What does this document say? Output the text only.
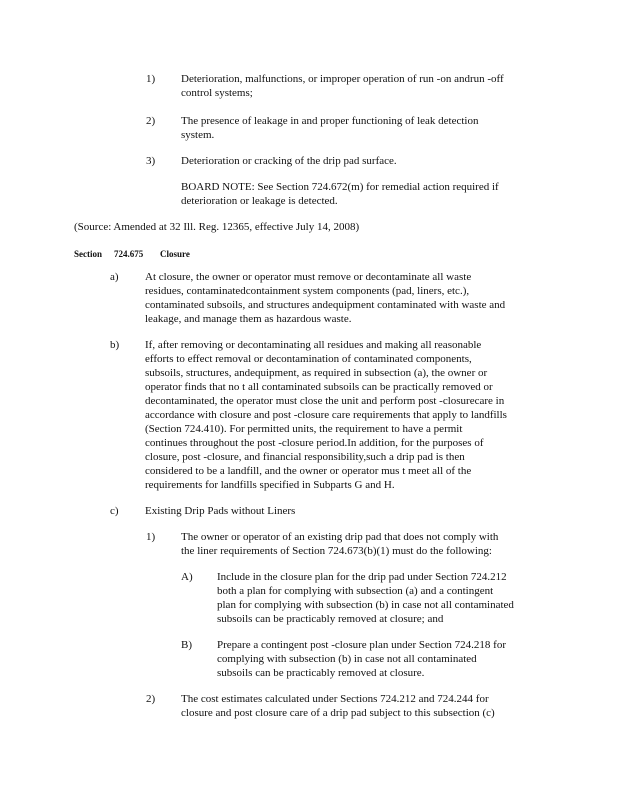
1) Deterioration, malfunctions, or improper operation of run -on andrun -off
control systems;
2) The presence of leakage in and proper functioning of leak detection
system.
3) Deterioration or cracking of the drip pad surface.
BOARD NOTE: See Section 724.672(m) for remedial action required if
deterioration or leakage is detected.
(Source: Amended at 32 Ill. Reg. 12365, effective July 14, 2008)
Section 724.675 Closure
a) At closure, the owner or operator must remove or decontaminate all waste
residues, contaminatedcontainment system components (pad, liners, etc.),
contaminated subsoils, and structures andequipment contaminated with waste and
leakage, and manage them as hazardous waste.
b) If, after removing or decontaminating all residues and making all reasonable
efforts to effect removal or decontamination of contaminated components,
subsoils, structures, andequipment, as required in subsection (a), the owner or
operator finds that no t all contaminated subsoils can be practically removed or
decontaminated, the operator must close the unit and perform post -closurecare in
accordance with closure and post -closure care requirements that apply to landfills
(Section 724.410). For permitted units, the requirement to have a permit
continues throughout the post -closure period.In addition, for the purposes of
closure, post -closure, and financial responsibility,such a drip pad is then
considered to be a landfill, and the owner or operator mus t meet all of the
requirements for landfills specified in Subparts G and H.
c) Existing Drip Pads without Liners
1) The owner or operator of an existing drip pad that does not comply with
the liner requirements of Section 724.673(b)(1) must do the following:
A) Include in the closure plan for the drip pad under Section 724.212
both a plan for complying with subsection (a) and a contingent
plan for complying with subsection (b) in case not all contaminated
subsoils can be practicably removed at closure; and
B) Prepare a contingent post -closure plan under Section 724.218 for
complying with subsection (b) in case not all contaminated
subsoils can be practicably removed at closure.
2) The cost estimates calculated under Sections 724.212 and 724.244 for
closure and post closure care of a drip pad subject to this subsection (c)
